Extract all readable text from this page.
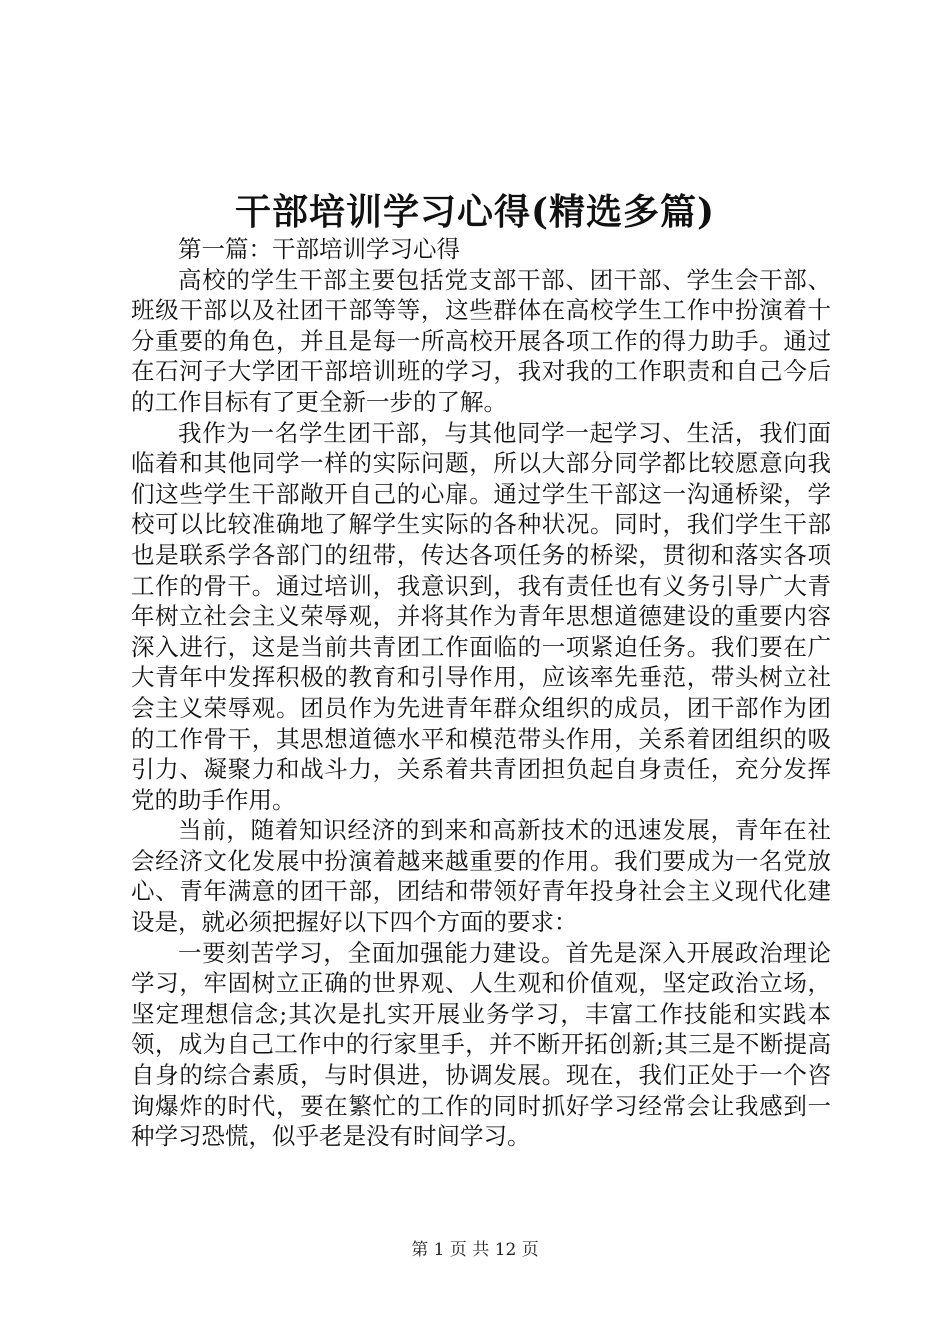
干部培训学习心得(精选多篇)

第一篇：干部培训学习心得

高校的学生干部主要包括党支部干部、团干部、学生会干部、班级干部以及社团干部等等，这些群体在高校学生工作中扮演着十分重要的角色，并且是每一所高校开展各项工作的得力助手。通过在石河子大学团干部培训班的学习，我对我的工作职责和自己今后的工作目标有了更全新一步的了解。

我作为一名学生团干部，与其他同学一起学习、生活，我们面临着和其他同学一样的实际问题，所以大部分同学都比较愿意向我们这些学生干部敞开自己的心扉。通过学生干部这一沟通桥梁，学校可以比较准确地了解学生实际的各种状况。同时，我们学生干部也是联系学各部门的纽带，传达各项任务的桥梁，贯彻和落实各项工作的骨干。通过培训，我意识到，我有责任也有义务引导广大青年树立社会主义荣辱观，并将其作为青年思想道德建设的重要内容深入进行，这是当前共青团工作面临的一项紧迫任务。我们要在广大青年中发挥积极的教育和引导作用，应该率先垂范，带头树立社会主义荣辱观。团员作为先进青年群众组织的成员，团干部作为团的工作骨干，其思想道德水平和模范带头作用，关系着团组织的吸引力、凝聚力和战斗力，关系着共青团担负起自身责任，充分发挥党的助手作用。

当前，随着知识经济的到来和高新技术的迅速发展，青年在社会经济文化发展中扮演着越来越重要的作用。我们要成为一名党放心、青年满意的团干部，团结和带领好青年投身社会主义现代化建设是，就必须把握好以下四个方面的要求：

一要刻苦学习，全面加强能力建设。首先是深入开展政治理论学习，牢固树立正确的世界观、人生观和价值观，坚定政治立场，坚定理想信念;其次是扎实开展业务学习，丰富工作技能和实践本领，成为自己工作中的行家里手，并不断开拓创新;其三是不断提高自身的综合素质，与时俱进，协调发展。现在，我们正处于一个咨询爆炸的时代，要在繁忙的工作的同时抓好学习经常会让我感到一种学习恐慌，似乎老是没有时间学习。

第 1 页 共 12 页
